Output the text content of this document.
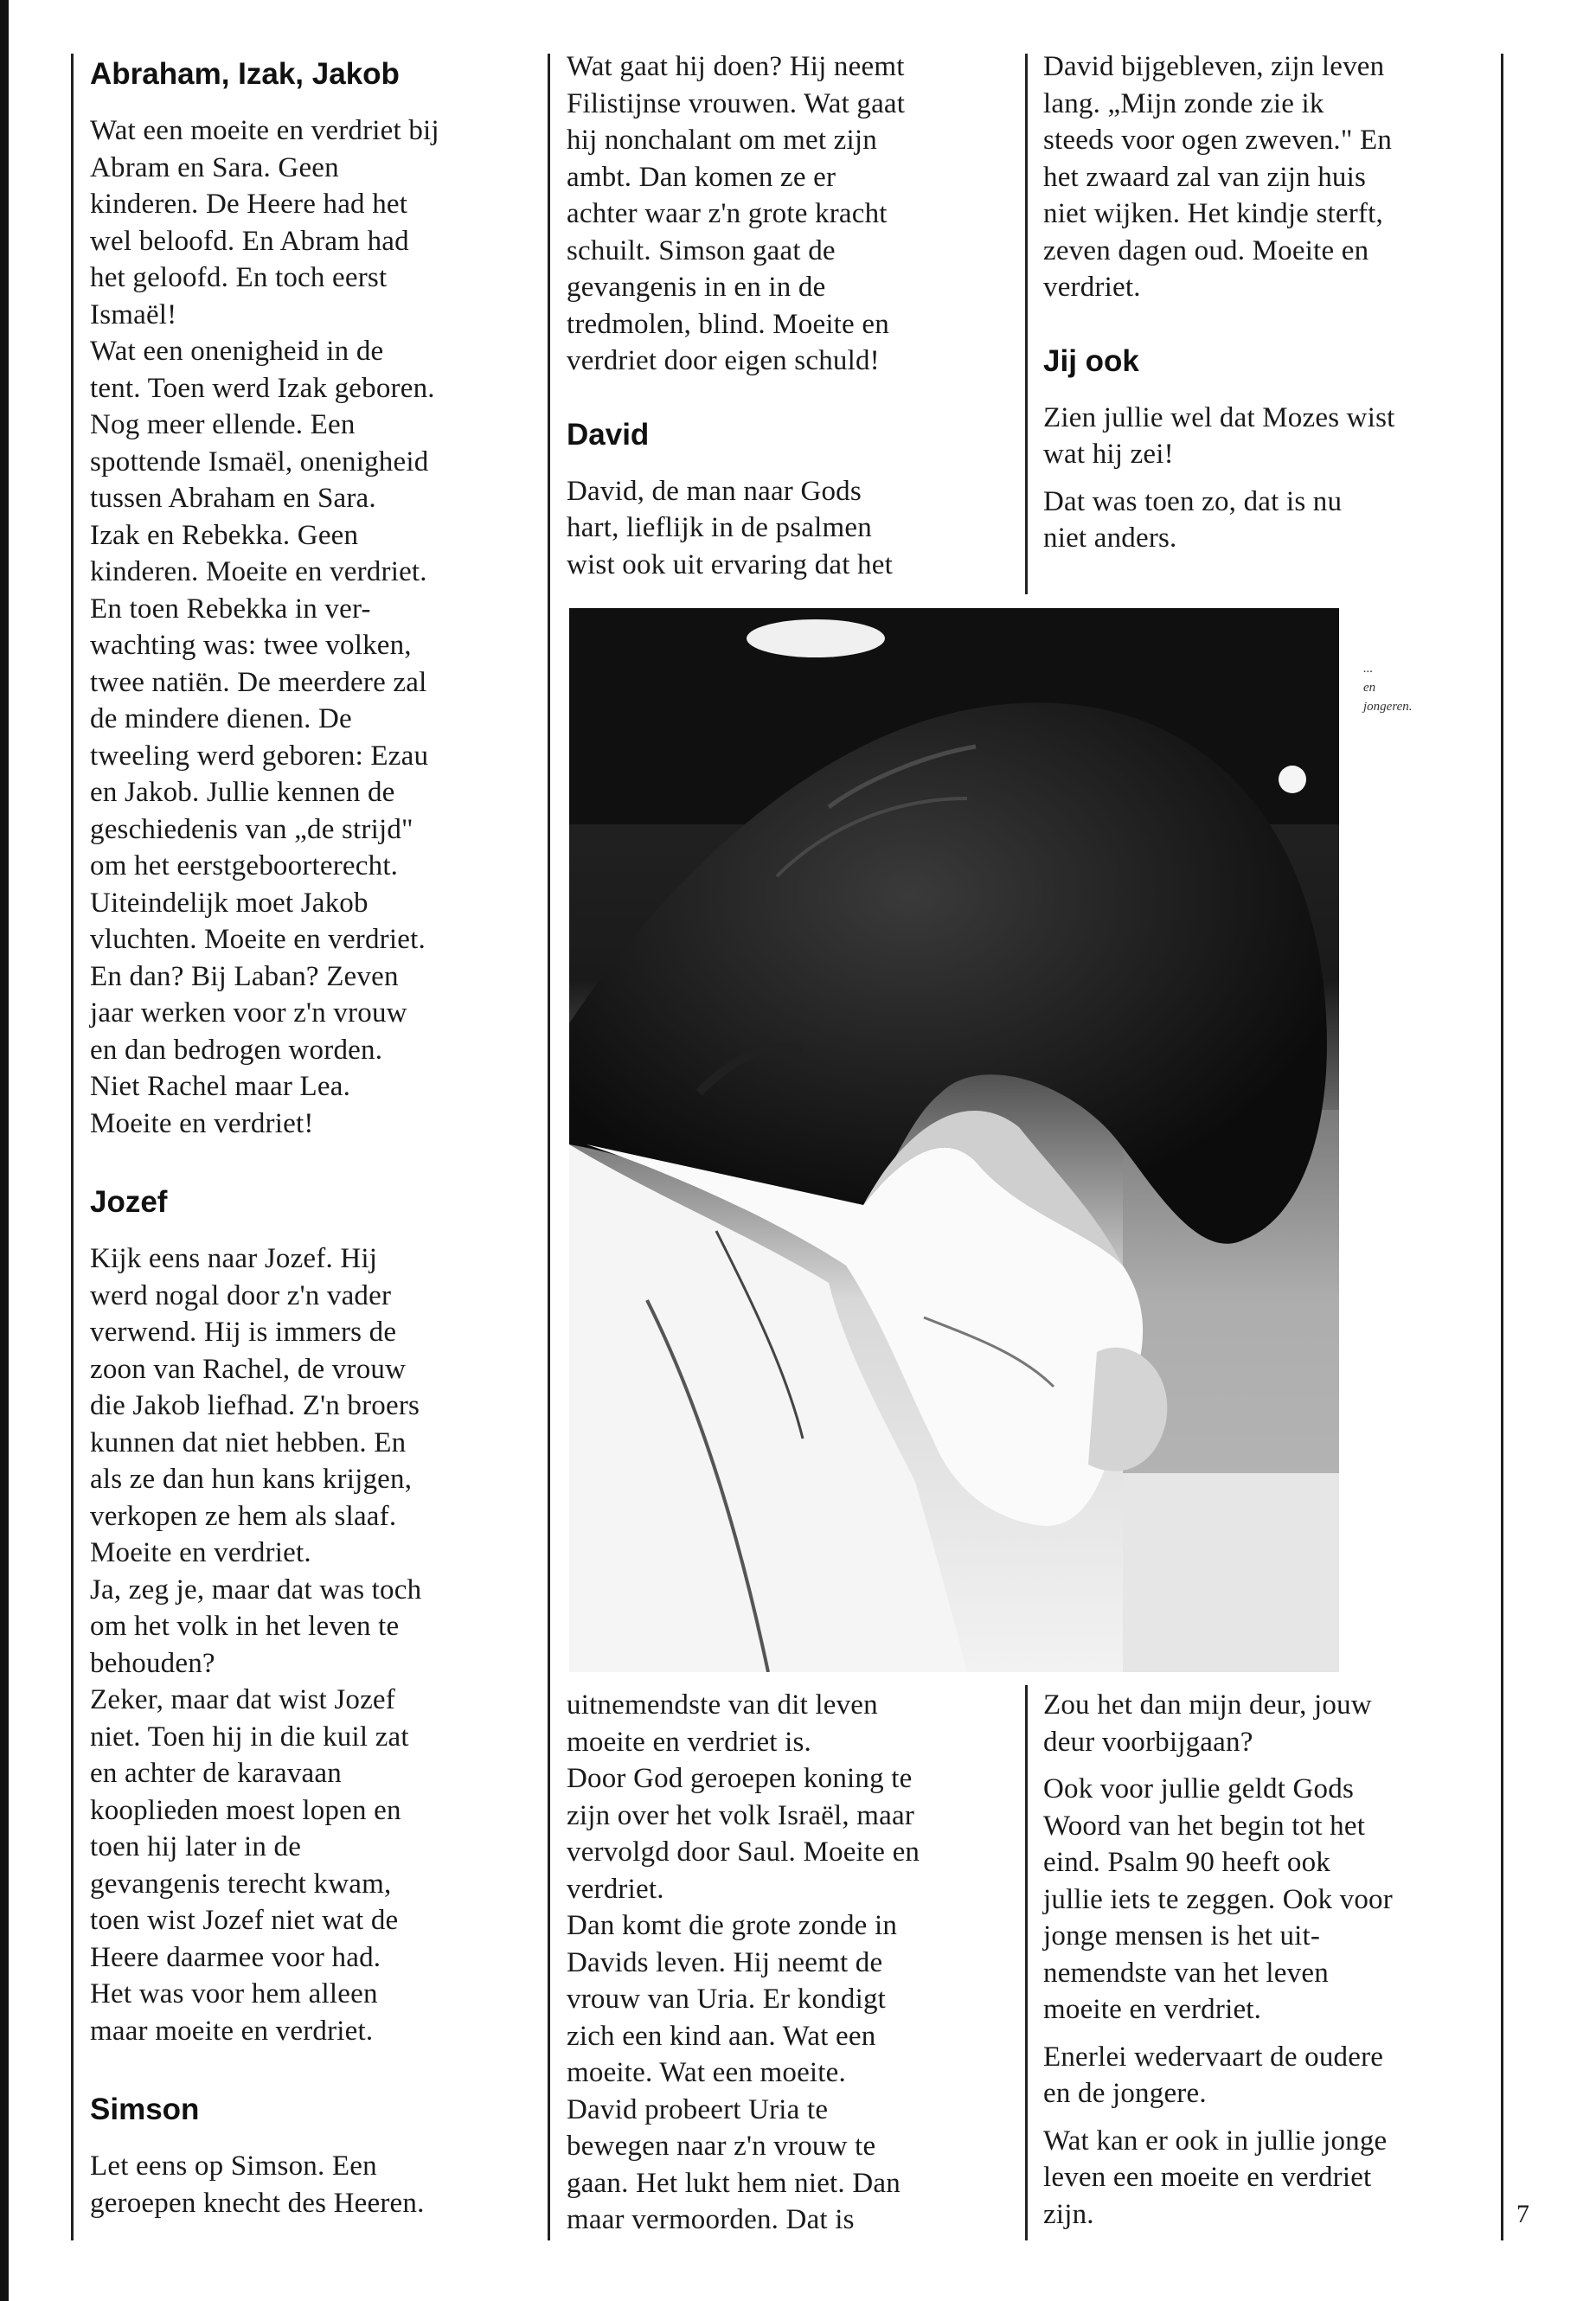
Abraham, Izak, Jakob

Wat een moeite en verdriet bij
Abram en Sara. Geen
kinderen. De Heere had het
wel beloofd. En Abram had
het geloofd. En toch eerst
Ismaël!
Wat een onenigheid in de
tent. Toen werd Izak geboren.
Nog meer ellende. Een
spottende Ismaël, onenigheid
tussen Abraham en Sara.
Izak en Rebekka. Geen
kinderen. Moeite en verdriet.
En toen Rebekka in ver-
wachting was: twee volken,
twee natiën. De meerdere zal
de mindere dienen. De
tweeling werd geboren: Ezau
en Jakob. Jullie kennen de
geschiedenis van „de strijd"
om het eerstgeboorterecht.
Uiteindelijk moet Jakob
vluchten. Moeite en verdriet.
En dan? Bij Laban? Zeven
jaar werken voor z'n vrouw
en dan bedrogen worden.
Niet Rachel maar Lea.
Moeite en verdriet!

Jozef

Kijk eens naar Jozef. Hij
werd nogal door z'n vader
verwend. Hij is immers de
zoon van Rachel, de vrouw
die Jakob liefhad. Z'n broers
kunnen dat niet hebben. En
als ze dan hun kans krijgen,
verkopen ze hem als slaaf.
Moeite en verdriet.
Ja, zeg je, maar dat was toch
om het volk in het leven te
behouden?
Zeker, maar dat wist Jozef
niet. Toen hij in die kuil zat
en achter de karavaan
kooplieden moest lopen en
toen hij later in de
gevangenis terecht kwam,
toen wist Jozef niet wat de
Heere daarmee voor had.
Het was voor hem alleen
maar moeite en verdriet.

Simson

Let eens op Simson. Een
geroepen knecht des Heeren.

Wat gaat hij doen? Hij neemt
Filistijnse vrouwen. Wat gaat
hij nonchalant om met zijn
ambt. Dan komen ze er
achter waar z'n grote kracht
schuilt. Simson gaat de
gevangenis in en in de
tredmolen, blind. Moeite en
verdriet door eigen schuld!

David

David, de man naar Gods
hart, lieflijk in de psalmen
wist ook uit ervaring dat het

David bijgebleven, zijn leven
lang. „Mijn zonde zie ik
steeds voor ogen zweven." En
het zwaard zal van zijn huis
niet wijken. Het kindje sterft,
zeven dagen oud. Moeite en
verdriet.

Jij ook

Zien jullie wel dat Mozes wist
wat hij zei!

Dat was toen zo, dat is nu
niet anders.

...
en
jongeren.

uitnemendste van dit leven
moeite en verdriet is.
Door God geroepen koning te
zijn over het volk Israël, maar
vervolgd door Saul. Moeite en
verdriet.

Dan komt die grote zonde in
Davids leven. Hij neemt de
vrouw van Uria. Er kondigt
zich een kind aan. Wat een
moeite. Wat een moeite.
David probeert Uria te
bewegen naar z'n vrouw te
gaan. Het lukt hem niet. Dan
maar vermoorden. Dat is

Zou het dan mijn deur, jouw
deur voorbijgaan?

Ook voor jullie geldt Gods
Woord van het begin tot het
eind. Psalm 90 heeft ook
jullie iets te zeggen. Ook voor
jonge mensen is het uit-
nemendste van het leven
moeite en verdriet.

Enerlei wedervaart de oudere
en de jongere.

Wat kan er ook in jullie jonge
leven een moeite en verdriet
zijn.	7
